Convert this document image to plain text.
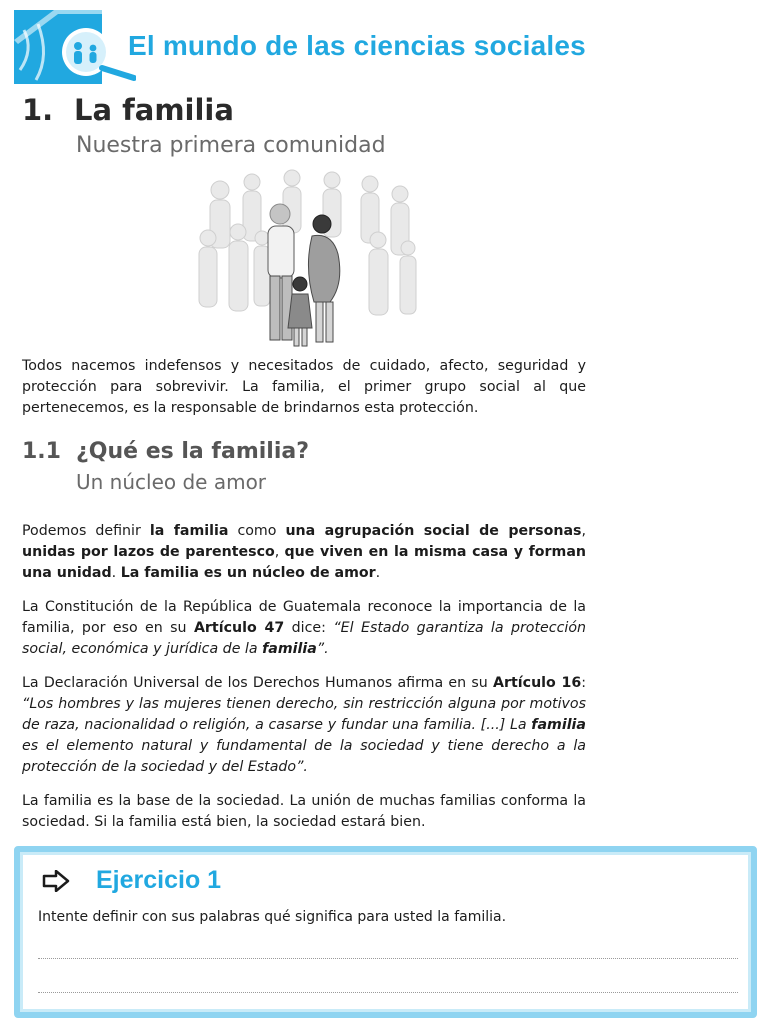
El mundo de las ciencias sociales
1. La familia
Nuestra primera comunidad

Todos nacemos indefensos y necesitados de cuidado, afecto, seguridad y protección para sobrevivir. La familia, el primer grupo social al que pertenecemos, es la responsable de brindarnos esta protección.

1.1 ¿Qué es la familia?
Un núcleo de amor

Podemos definir la familia como una agrupación social de personas, unidas por lazos de parentesco, que viven en la misma casa y forman una unidad. La familia es un núcleo de amor.

La Constitución de la República de Guatemala reconoce la importancia de la familia, por eso en su Artículo 47 dice: “El Estado garantiza la protección social, económica y jurídica de la familia”.

La Declaración Universal de los Derechos Humanos afirma en su Artículo 16: “Los hombres y las mujeres tienen derecho, sin restricción alguna por motivos de raza, nacionalidad o religión, a casarse y fundar una familia. [...] La familia es el elemento natural y fundamental de la sociedad y tiene derecho a la protección de la sociedad y del Estado”.

La familia es la base de la sociedad. La unión de muchas familias conforma la sociedad. Si la familia está bien, la sociedad estará bien.

Ejercicio 1
Intente definir con sus palabras qué significa para usted la familia.
